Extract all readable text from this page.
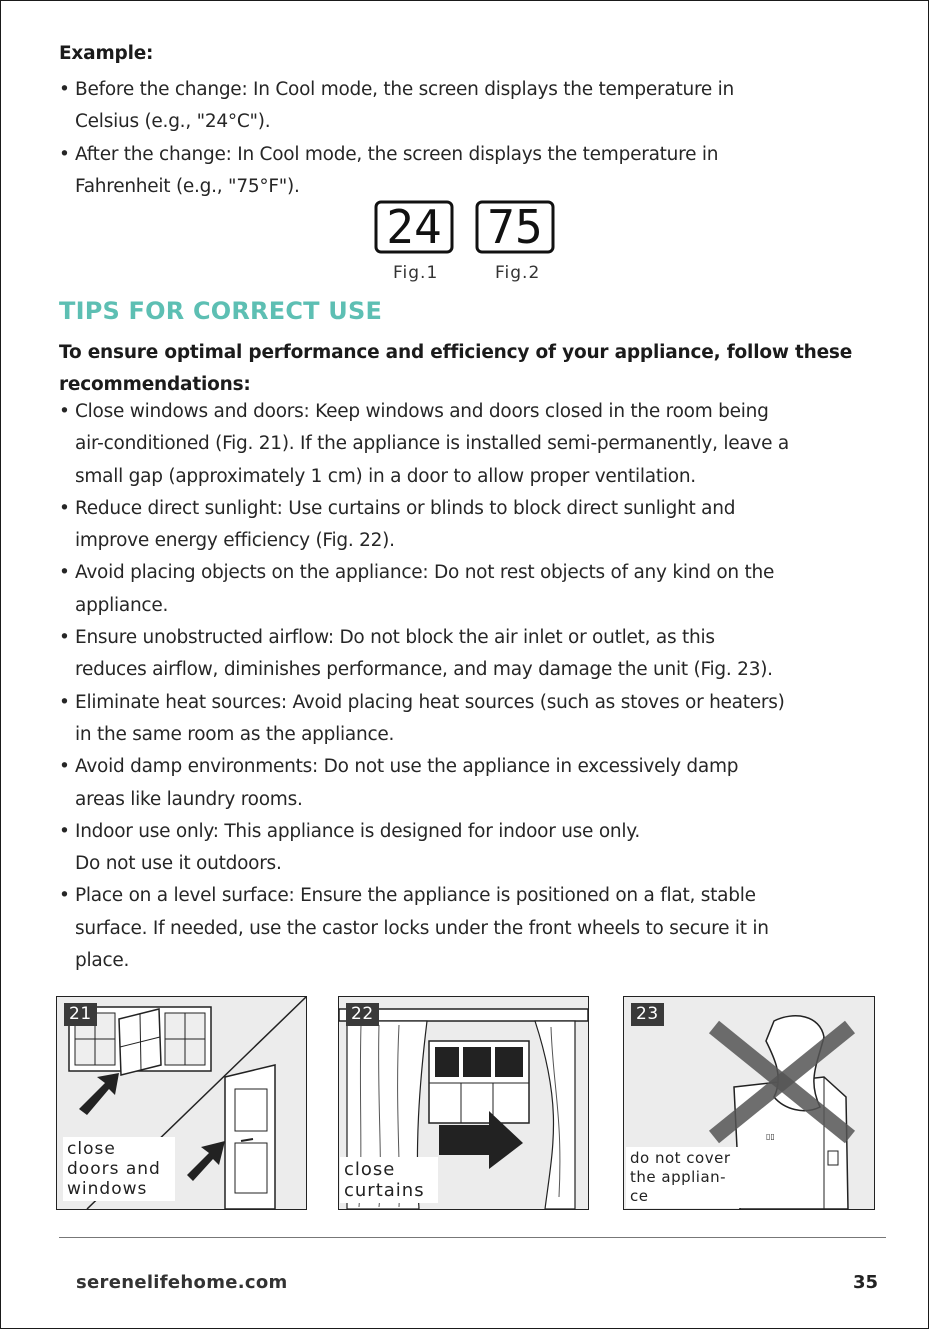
Example:
• Before the change: In Cool mode, the screen displays the temperature in
Celsius (e.g., "24°C").
• After the change: In Cool mode, the screen displays the temperature in
Fahrenheit (e.g., "75°F").
24 75
Fig.1	Fig.2
TIPS FOR CORRECT USE
To ensure optimal performance and efficiency of your appliance, follow these
recommendations:
• Close windows and doors: Keep windows and doors closed in the room being
air-conditioned (Fig. 21). If the appliance is installed semi-permanently, leave a
small gap (approximately 1 cm) in a door to allow proper ventilation.
• Reduce direct sunlight: Use curtains or blinds to block direct sunlight and
improve energy efficiency (Fig. 22).
• Avoid placing objects on the appliance: Do not rest objects of any kind on the
appliance.
• Ensure unobstructed airflow: Do not block the air inlet or outlet, as this
reduces airflow, diminishes performance, and may damage the unit (Fig. 23).
• Eliminate heat sources: Avoid placing heat sources (such as stoves or heaters)
in the same room as the appliance.
• Avoid damp environments: Do not use the appliance in excessively damp
areas like laundry rooms.
• Indoor use only: This appliance is designed for indoor use only.
Do not use it outdoors.
• Place on a level surface: Ensure the appliance is positioned on a flat, stable
surface. If needed, use the castor locks under the front wheels to secure it in
place.
21
close
doors and
windows
22
close
curtains
▯▯
23
do not cover
the applian-
ce
serenelifehome.com	35
